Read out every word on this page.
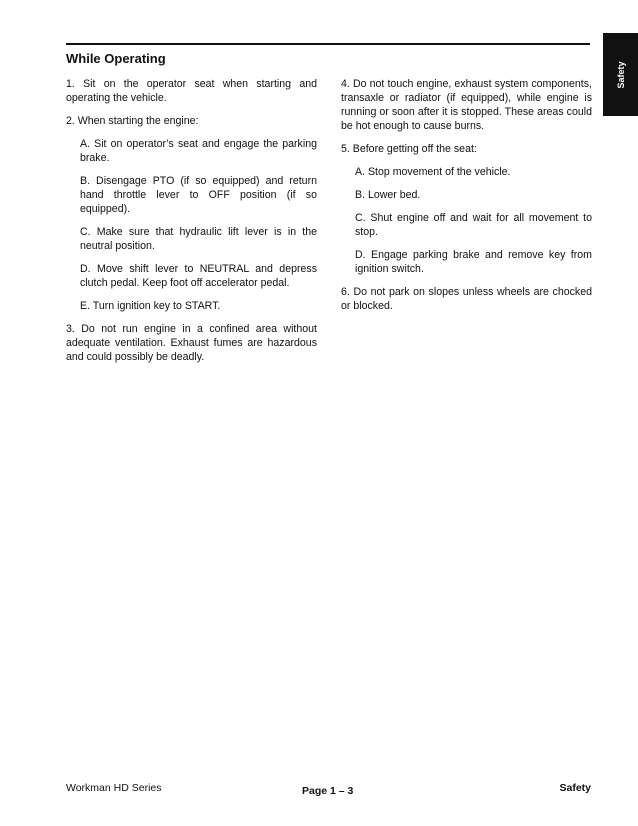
Safety
While Operating

1. Sit on the operator seat when starting and operating the vehicle.

2. When starting the engine:

A. Sit on operator’s seat and engage the parking brake.

B. Disengage PTO (if so equipped) and return hand throttle lever to OFF position (if so equipped).

C. Make sure that hydraulic lift lever is in the neutral position.

D. Move shift lever to NEUTRAL and depress clutch pedal. Keep foot off accelerator pedal.

E. Turn ignition key to START.

3. Do not run engine in a confined area without adequate ventilation. Exhaust fumes are hazardous and could possibly be deadly.

4. Do not touch engine, exhaust system components, transaxle or radiator (if equipped), while engine is running or soon after it is stopped. These areas could be hot enough to cause burns.

5. Before getting off the seat:

A. Stop movement of the vehicle.

B. Lower bed.

C. Shut engine off and wait for all movement to stop.

D. Engage parking brake and remove key from ignition switch.

6. Do not park on slopes unless wheels are chocked or blocked.

Workman HD Series	Page 1 – 3	Safety
